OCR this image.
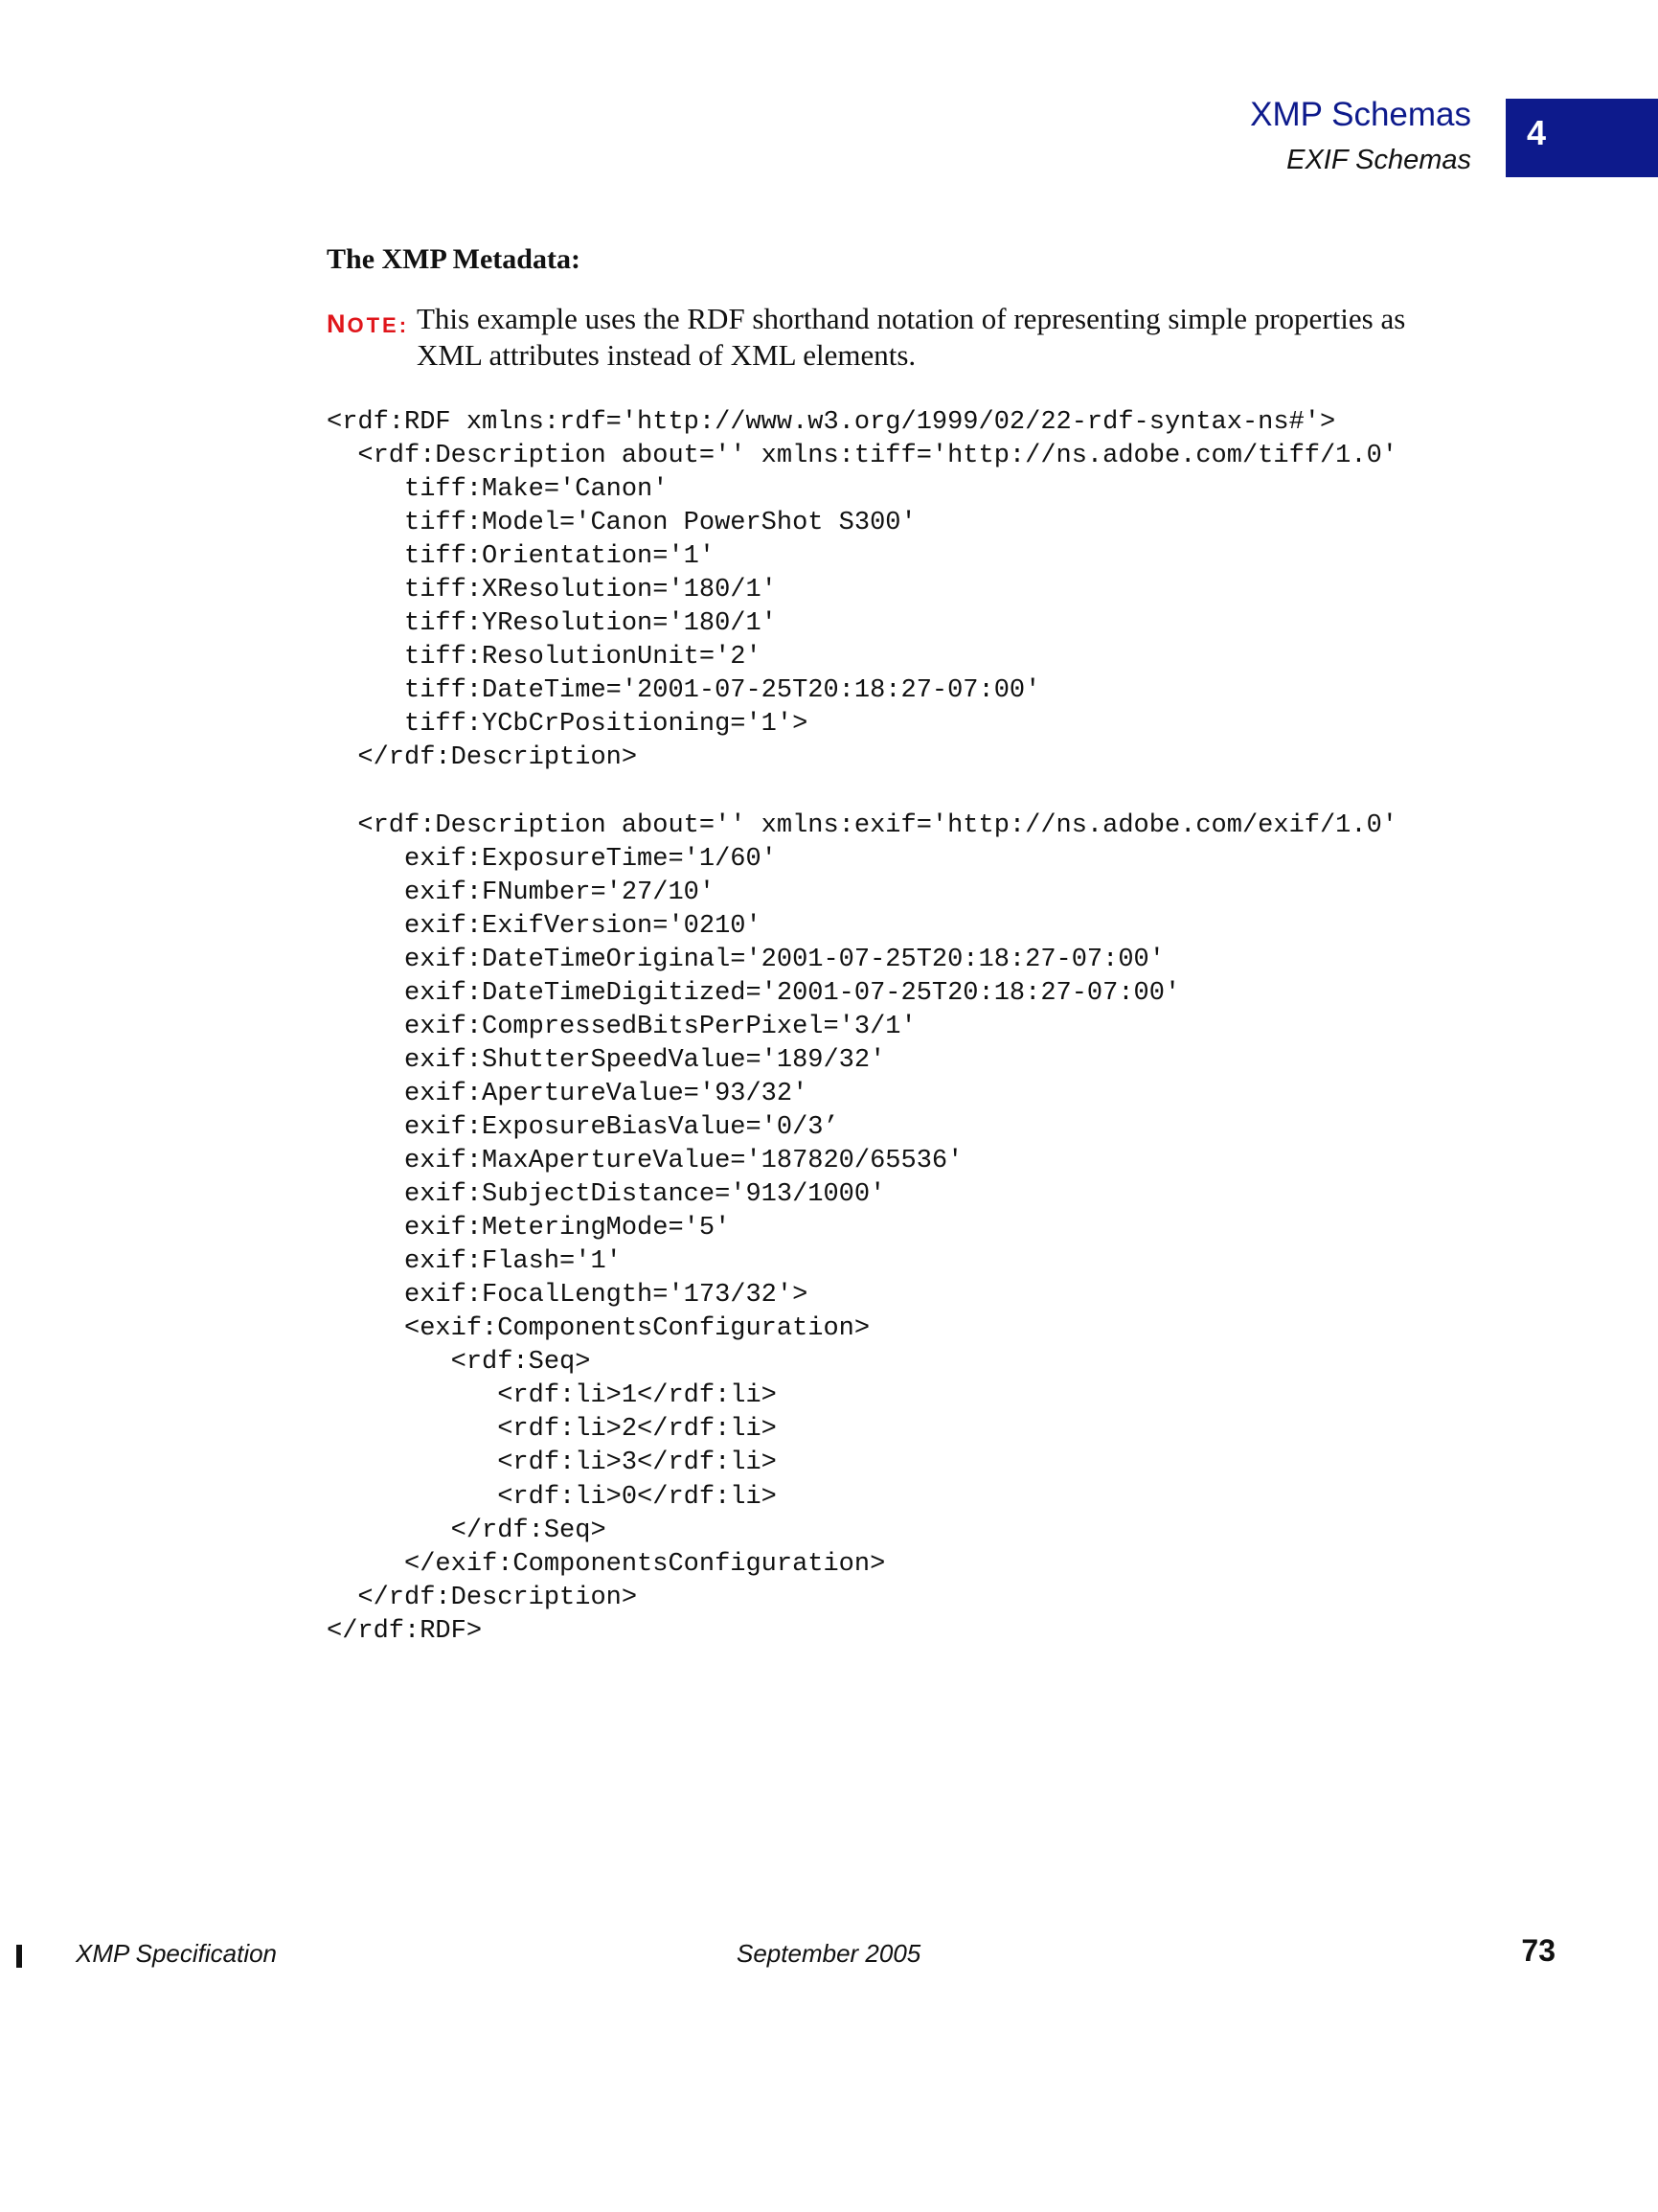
XMP Schemas
EXIF Schemas
4
The XMP Metadata:
NOTE: This example uses the RDF shorthand notation of representing simple properties as XML attributes instead of XML elements.
<rdf:RDF xmlns:rdf='http://www.w3.org/1999/02/22-rdf-syntax-ns#'>
<rdf:Description about='' xmlns:tiff='http://ns.adobe.com/tiff/1.0'
tiff:Make='Canon'
tiff:Model='Canon PowerShot S300'
tiff:Orientation='1'
tiff:XResolution='180/1'
tiff:YResolution='180/1'
tiff:ResolutionUnit='2'
tiff:DateTime='2001-07-25T20:18:27-07:00'
tiff:YCbCrPositioning='1'>
</rdf:Description>
<rdf:Description about='' xmlns:exif='http://ns.adobe.com/exif/1.0'
exif:ExposureTime='1/60'
exif:FNumber='27/10'
exif:ExifVersion='0210'
exif:DateTimeOriginal='2001-07-25T20:18:27-07:00'
exif:DateTimeDigitized='2001-07-25T20:18:27-07:00'
exif:CompressedBitsPerPixel='3/1'
exif:ShutterSpeedValue='189/32'
exif:ApertureValue='93/32'
exif:ExposureBiasValue='0/3’
exif:MaxApertureValue='187820/65536'
exif:SubjectDistance='913/1000'
exif:MeteringMode='5'
exif:Flash='1'
exif:FocalLength='173/32'>
<exif:ComponentsConfiguration>
<rdf:Seq>
<rdf:li>1</rdf:li>
<rdf:li>2</rdf:li>
<rdf:li>3</rdf:li>
<rdf:li>0</rdf:li>
</rdf:Seq>
</exif:ComponentsConfiguration>
</rdf:Description>
</rdf:RDF>
XMP Specification	September 2005	73
